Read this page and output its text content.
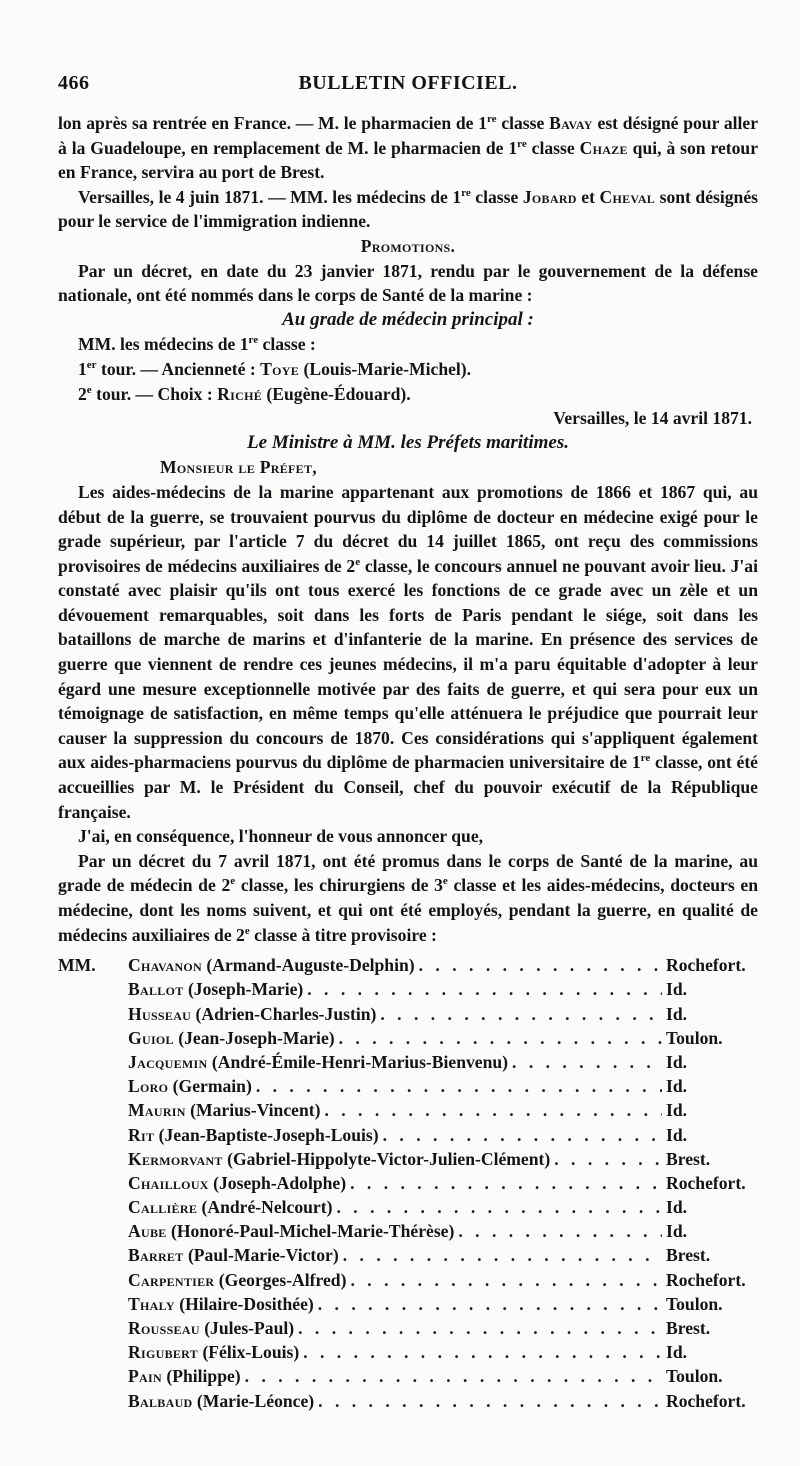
466	BULLETIN OFFICIEL.

lon après sa rentrée en France. — M. le pharmacien de 1re classe Bavay est désigné pour aller à la Guadeloupe, en remplacement de M. le pharmacien de 1re classe Chaze qui, à son retour en France, servira au port de Brest.

Versailles, le 4 juin 1871. — MM. les médecins de 1re classe Jobard et Cheval sont désignés pour le service de l'immigration indienne.

Promotions.

Par un décret, en date du 23 janvier 1871, rendu par le gouvernement de la défense nationale, ont été nommés dans le corps de Santé de la marine :

Au grade de médecin principal :
MM. les médecins de 1re classe :
1er tour. — Ancienneté : Toye (Louis-Marie-Michel).
2e tour. — Choix : Riché (Eugène-Édouard).
Versailles, le 14 avril 1871.
Le Ministre à MM. les Préfets maritimes.
Monsieur le Préfet,

Les aides-médecins de la marine appartenant aux promotions de 1866 et 1867 qui, au début de la guerre, se trouvaient pourvus du diplôme de docteur en médecine exigé pour le grade supérieur, par l'article 7 du décret du 14 juillet 1865, ont reçu des commissions provisoires de médecins auxiliaires de 2e classe, le concours annuel ne pouvant avoir lieu. J'ai constaté avec plaisir qu'ils ont tous exercé les fonctions de ce grade avec un zèle et un dévouement remarquables, soit dans les forts de Paris pendant le siége, soit dans les bataillons de marche de marins et d'infanterie de la marine. En présence des services de guerre que viennent de rendre ces jeunes médecins, il m'a paru équitable d'adopter à leur égard une mesure exceptionnelle motivée par des faits de guerre, et qui sera pour eux un témoignage de satisfaction, en même temps qu'elle atténuera le préjudice que pourrait leur causer la suppression du concours de 1870. Ces considérations qui s'appliquent également aux aides-pharmaciens pourvus du diplôme de pharmacien universitaire de 1re classe, ont été accueillies par M. le Président du Conseil, chef du pouvoir exécutif de la République française.

J'ai, en conséquence, l'honneur de vous annoncer que,

Par un décret du 7 avril 1871, ont été promus dans le corps de Santé de la marine, au grade de médecin de 2e classe, les chirurgiens de 3e classe et les aides-médecins, docteurs en médecine, dont les noms suivent, et qui ont été employés, pendant la guerre, en qualité de médecins auxiliaires de 2e classe à titre provisoire :

MM.	Chavanon (Armand-Auguste-Delphin) . . .	Rochefort.
Ballot (Joseph-Marie) . . .	Id.
Husseau (Adrien-Charles-Justin) . . .	Id.
Guiol (Jean-Joseph-Marie) . . .	Toulon.
Jacquemin (André-Émile-Henri-Marius-Bienvenu) . . .	Id.
Loro (Germain) . . .	Id.
Maurin (Marius-Vincent) . . .	Id.
Rit (Jean-Baptiste-Joseph-Louis) . . .	Id.
Kermorvant (Gabriel-Hippolyte-Victor-Julien-Clément) . . .	Brest.
Chailloux (Joseph-Adolphe) . . .	Rochefort.
Callière (André-Nelcourt) . . .	Id.
Aube (Honoré-Paul-Michel-Marie-Thérèse) . . .	Id.
Barret (Paul-Marie-Victor) . . .	Brest.
Carpentier (Georges-Alfred) . . .	Rochefort.
Thaly (Hilaire-Dosithée) . . .	Toulon.
Rousseau (Jules-Paul) . . .	Brest.
Rigubert (Félix-Louis) . . .	Id.
Pain (Philippe) . . .	Toulon.
Balbaud (Marie-Léonce) . . .	Rochefort.
